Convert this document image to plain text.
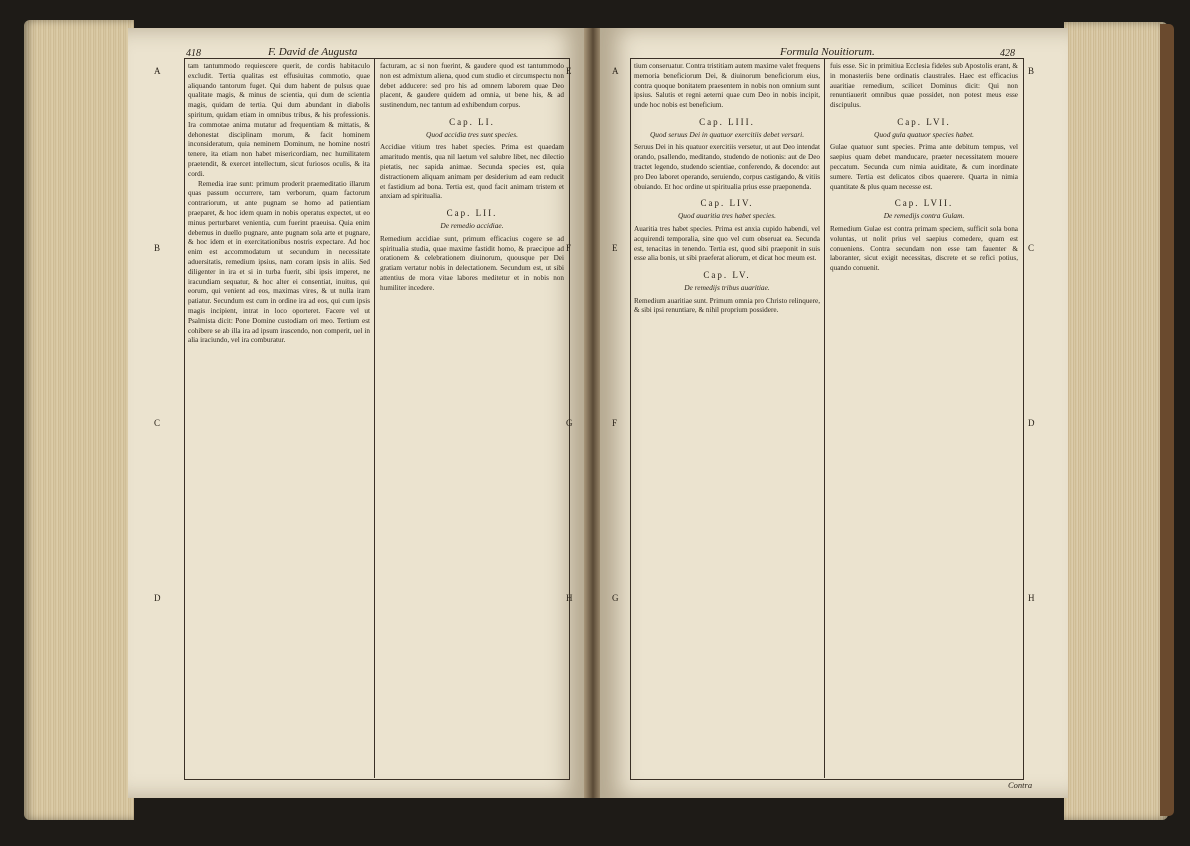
418	F. David de Augusta
A
B
C
D
E
F
G
H

tam tantummodo requiescere querit, de cordis habitaculo excludit. Tertia qualitas est effusiuitas commotio, quae aliquando tantorum fuget. Qui dum habent de pulsus quae qualitate magis, & minus de scientia, qui dum de scientia magis, quidam de tertia. Qui dum abundant in diabolis spiritum, quidam etiam in omnibus tribus, & his professionis. Ira commotae anima mutatur ad frequentiam & mittatis, & dehonestat disciplinam morum, & facit hominem inconsideratum, quia neminem Dominum, ne homine nostri tenere, ita etiam non habet misericordiam, nec humilitatem praetendit, & exercet intellectum, sicut furiosos oculis, & ita cordi.

Remedia irae sunt: primum proderit praemeditatio illarum quas passum occurrere, tam verborum, quam factorum contrariorum, ut ante pugnam se homo ad patientiam praeparet, & hoc idem quam in nobis operatus expectet, ut eo minus perturbaret venientia, cum fuerint praeuisa. Quia enim debemus in duello pugnare, ante pugnam sola arte et pugnare, & hoc idem et in exercitationibus nostris expectare. Ad hoc enim est accommodatum ut secundum in necessitate aduersitatis, remedium ipsius, nam coram ipsis in aliis. Sed diligenter in ira et si in turba fuerit, sibi ipsis imperet, ne iracundiam sequatur, & hoc alter ei consentiat, inuitus, qui eorum, qui venient ad eos, maximas vires, & ut nulla iram patiatur. Secundum est cum in ordine ira ad eos, qui cum ipsis magis incipient, intrat in loco oporteret. Facere vel ut Psalmista dicit: Pone Domine custodiam ori meo. Tertium est cohibere se ab illa ira ad ipsum irascendo, non comperit, uel in alia iraciundo, vel ira comburatur.

facturam, ac si non fuerint, & gaudere quod est tantummodo non est admixtum aliena, quod cum studio et circumspectu non debet adducere: sed pro his ad omnem laborem quae Deo placent, & gaudere quidem ad omnia, ut bene his, & ad sustinendum, nec tantum ad exhibendum corpus.

Cap. LI.
Quod accidia tres sunt species.

Accidiae vitium tres habet species. Prima est quaedam amaritudo mentis, qua nil laetum vel salubre libet, nec dilectio pietatis, nec sapida animae. Secunda species est, quia distractionem aliquam animam per desiderium ad eam reducit et fastidium ad bona. Tertia est, quod facit animam tristem et anxiam ad spiritualia.

Cap. LII.
De remedio accidiae.

Remedium accidiae sunt, primum efficacius cogere se ad spiritualia studia, quae maxime fastidit homo, & praecipue ad orationem & celebrationem diuinorum, quousque per Dei gratiam vertatur nobis in delectationem. Secundum est, ut sibi attentius de mora vitae labores meditetur et in nobis non humiliter incedere.

Formula Nouitiorum.	428
A
E
F
G
B
C
D
H

tium conseruatur. Contra tristitiam autem maxime valet frequens memoria beneficiorum Dei, & diuinorum beneficiorum eius, contra quoque bonitatem praesentem in nobis non omnium sunt ipsius. Salutis et regni aeterni quae cum Deo in nobis incipit, unde hoc nobis est beneficium.

Cap. LIII.
Quod seruus Dei in quatuor exercitiis debet versari.

Seruus Dei in his quatuor exercitiis versetur, ut aut Deo intendat orando, psallendo, meditando, studendo de notionis: aut de Deo tractet legendo, studendo scientiae, conferendo, & docendo: aut pro Deo laboret operando, seruiendo, corpus castigando, & vitiis obuiando. Et hoc ordine ut spiritualia prius esse praeponenda.

Cap. LIV.
Quod auaritia tres habet species.

Auaritia tres habet species. Prima est anxia cupido habendi, vel acquirendi temporalia, sine quo vel cum obseruat ea. Secunda est, tenacitas in tenendo. Tertia est, quod sibi praeponit in suis esse alia bonis, ut sibi praeferat aliorum, et dicat hoc meum est.

Cap. LV.
De remedijs tribus auaritiae.

Remedium auaritiae sunt. Primum omnia pro Christo relinquere, & sibi ipsi renuntiare, & nihil proprium possidere.

fuis esse. Sic in primitiua Ecclesia fideles sub Apostolis erant, & in monasteriis bene ordinatis claustrales. Haec est efficacius auaritiae remedium, scilicet Dominus dicit: Qui non renuntiauerit omnibus quae possidet, non potest meus esse discipulus.

Cap. LVI.
Quod gula quatuor species habet.

Gulae quatuor sunt species. Prima ante debitum tempus, vel saepius quam debet manducare, praeter necessitatem mouere peccatum. Secunda cum nimia auiditate, & cum inordinate sumere. Tertia est delicatos cibos quaerere. Quarta in nimia quantitate & plus quam necesse est.

Cap. LVII.
De remedijs contra Gulam.

Remedium Gulae est contra primam speciem, sufficit sola bona voluntas, ut nolit prius vel saepius comedere, quam est conueniens. Contra secundam non esse tam fauenter & laboranter, sicut exigit necessitas, discrete et se refici potius, quando conuenit.

Contra
